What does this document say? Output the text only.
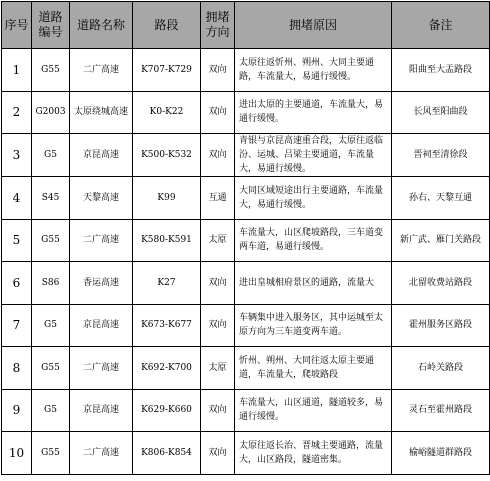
序号	道路编号	道路名称	路段	拥堵方向	拥堵原因	备注
1	G55	二广高速	K707-K729	双向	太原往返忻州、朔州、大同主要通路，车流量大，易通行缓慢。	阳曲至大盂路段
2	G2003	太原绕城高速	K0-K22	双向	进出太原的主要通道，车流量大，易通行缓慢。	长风至阳曲段
3	G5	京昆高速	K500-K532	双向	青银与京昆高速重合段，太原往返临汾、运城、吕梁主要通道，车流量大，易通行缓慢。	晋祠至清徐段
4	S45	天黎高速	K99	互通	大同区域短途出行主要通路，车流量大，易通行缓慢。	孙右、天黎互通
5	G55	二广高速	K580-K591	太原	车流量大，山区爬坡路段，三车道变两车道，易通行缓慢。	新广武、雁门关路段
6	S86	香运高速	K27	双向	进出皇城相府景区的通路，流量大	北留收费站路段
7	G5	京昆高速	K673-K677	双向	车辆集中进入服务区，其中运城至太原方向为三车道变两车道。	霍州服务区路段
8	G55	二广高速	K692-K700	太原	忻州、朔州、大同往返太原主要通道，车流量大，爬坡路段	石岭关路段
9	G5	京昆高速	K629-K660	双向	车流量大，山区通道，隧道较多，易通行缓慢。	灵石至霍州路段
10	G55	二广高速	K806-K854	双向	太原往返长治、晋城主要通路，流量大，山区路段，隧道密集。	榆峪隧道群路段
